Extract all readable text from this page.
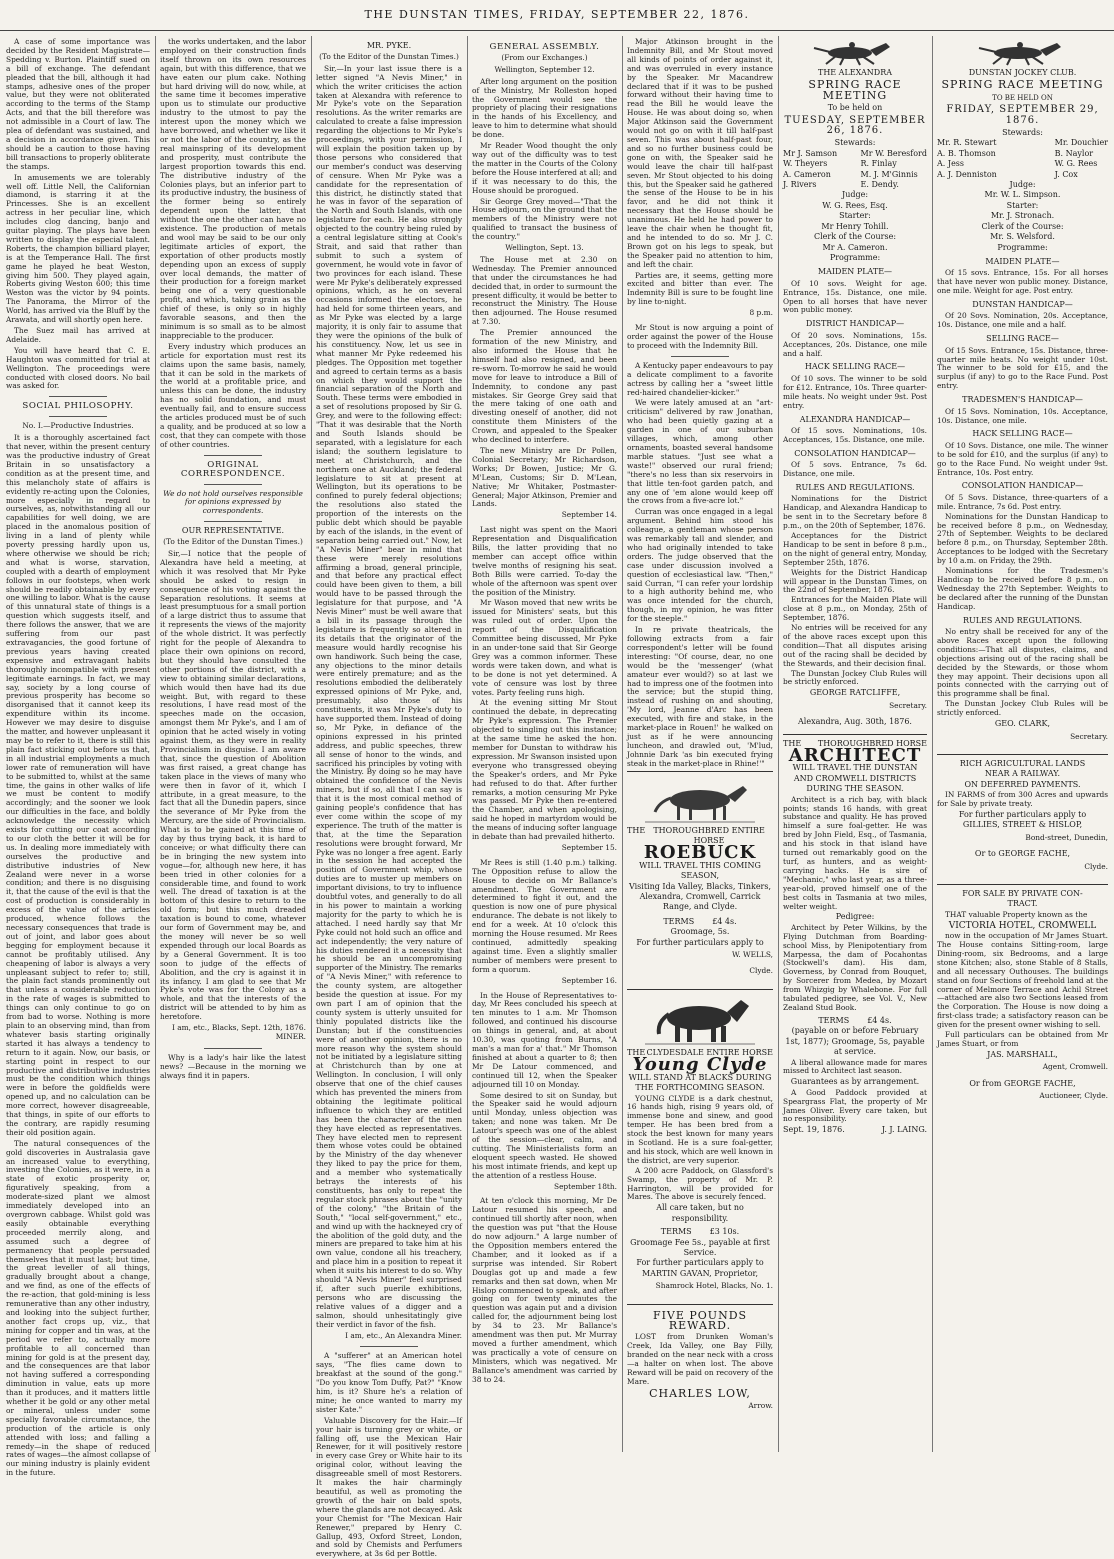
THE DUNSTAN TIMES, FRIDAY, SEPTEMBER 22, 1876.

A case of some importance was decided by the Resident Magistrate—Spedding v. Burton. Plaintiff sued on a bill of exchange. The defendant pleaded that the bill, although it had stamps, adhesive ones of the proper value, but they were not obliterated according to the terms of the Stamp Acts, and that the bill therefore was not admissible in a Court of law. The plea of defendant was sustained, and a decision in accordance given. This should be a caution to those having bill transactions to properly obliterate the stamps.

In amusements we are tolerably well off. Little Nell, the Californian diamond, is starring it at the Princesses. She is an excellent actress in her peculiar line, which includes clog dancing, banjo and guitar playing. The plays have been written to display the especial talent. Roberts, the champion billiard player, is at the Temperance Hall. The first game he played he beat Weston, giving him 500. They played again, Roberts giving Weston 600; this time Weston was the victor by 94 points. The Panorama, the Mirror of the World, has arrived via the Bluff by the Arawata, and will shortly open here.

The Suez mail has arrived at Adelaide.

You will have heard that C. E. Haughton was committed for trial at Wellington. The proceedings were conducted with closed doors. No bail was asked for.

SOCIAL PHILOSOPHY.
No. I.—Productive Industries.

It is a thoroughly ascertained fact that never, within the present century was the productive industry of Great Britain in so unsatisfactory a condition as at the present time, and this melancholy state of affairs is evidently re-acting upon the Colonies, more especially in regard to ourselves, as, notwithstanding all our capabilities for well doing, we are placed in the anomalous position of living in a land of plenty while poverty pressing hardly upon us, where otherwise we should be rich; and what is worse, starvation, coupled with a dearth of employment follows in our footsteps, when work should be readily obtainable by every one willing to labor. What is the cause of this unnatural state of things is a question which suggests itself, and there follows the answer, that we are suffering from our past extravagancies, the good fortune of previous years having created expensive and extravagant habits thoroughly incompatible with present legitimate earnings. In fact, we may say, society by a long course of previous prosperity has become so disorganised that it cannot keep its expenditure within its income. However we may desire to disguise the matter, and however unpleasant it may be to refer to it, there is still this plain fact sticking out before us that, in all industrial employments a much lower rate of remuneration will have to be submitted to, whilst at the same time, the gains in other walks of life we must be content to modify accordingly; and the sooner we look our difficulties in the face, and boldly acknowledge the necessity which exists for cutting our coat according to our cloth the better it will be for us. In dealing more immediately with ourselves the productive and distributive industries of New Zealand were never in a worse condition; and there is no disguising it, that the cause of the evil is that the cost of production is considerably in excess of the value of the articles produced, whence follows the necessary consequences that trade is out of joint, and labor goes about begging for employment because it cannot be profitably utilised. Any cheapening of labor is always a very unpleasant subject to refer to; still, the plain fact stands prominently out that unless a considerable reduction in the rate of wages is submitted to things can only continue to go on from bad to worse. Nothing is more plain to an observing mind, than from whatever basis starting originally started it has always a tendency to return to it again. Now, our basis, or starting point in respect to our productive and distributive industries must be the condition which things were in before the goldfields were opened up, and no calculation can be more correct, however disagreeable, that things, in spite of our efforts to the contrary, are rapidly resuming their old position again.

The natural consequences of the gold discoveries in Australasia gave an increased value to everything, investing the Colonies, as it were, in a state of exotic prosperity or, figuratively speaking, from a moderate-sized plant we almost immediately developed into an overgrown cabbage. Whilst gold was easily obtainable everything proceeded merrily along, and assumed such a degree of permanency that people persuaded themselves that it must last; but time, the great leveller of all things, gradually brought about a change, and we find, as one of the effects of the re-action, that gold-mining is less remunerative than any other industry, and looking into the subject further, another fact crops up, viz., that mining for copper and tin was, at the period we refer to, actually more profitable to all concerned than mining for gold is at the present day, and the consequences are that labor not having suffered a corresponding diminution in value, eats up more than it produces, and it matters little whether it be gold or any other metal or mineral, unless under some specially favorable circumstance, the production of the article is only attended with loss; and falling a remedy—in the shape of reduced rates of wages—the almost collapse of our mining industry is plainly evident in the future.

the works undertaken, and the labor employed on their construction finds itself thrown on its own resources again, but with this difference, that we have eaten our plum cake. Nothing but hard driving will do now, while, at the same time it becomes imperative upon us to stimulate our productive industry to the utmost to pay the interest upon the money which we have borrowed, and whether we like it or not the labor of the country, as the real mainspring of its development and prosperity, must contribute the largest proportion towards this end. The distributive industry of the Colonies plays, but an inferior part to its productive industry, the business of the former being so entirely dependent upon the latter, that without the one the other can have no existence. The production of metals and wool may be said to be our only legitimate articles of export, the exportation of other products mostly depending upon an excess of supply over local demands, the matter of their production for a foreign market being one of a very questionable profit, and which, taking grain as the chief of these, is only so in highly favorable seasons, and then the minimum is so small as to be almost inappreciable to the producer.

Every industry which produces an article for exportation must rest its claims upon the same basis, namely, that it can be sold in the markets of the world at a profitable price, and unless this can be done, the industry has no solid foundation, and must eventually fail, and to ensure success the articles produced must be of such a quality, and be produced at so low a cost, that they can compete with those of other countries.

ORIGINAL CORRESPONDENCE.
We do not hold ourselves responsible for opinions expressed by correspondents.
OUR REPRESENTATIVE.
(To the Editor of the Dunstan Times.)

Sir,—I notice that the people of Alexandra have held a meeting, at which it was resolved that Mr Pyke should be asked to resign in consequence of his voting against the Separation resolutions. It seems at least presumptuous for a small portion of a large district thus to assume that it represents the views of the majority of the whole district. It was perfectly right for the people of Alexandra to place their own opinions on record, but they should have consulted the other portions of the district, with a view to obtaining similar declarations, which would then have had its due weight. But, with regard to these resolutions, I have read most of the speeches made on the occasion, amongst them Mr Pyke's, and I am of opinion that he acted wisely in voting against them, as they were in reality Provincialism in disguise. I am aware that, since the question of Abolition was first raised, a great change has taken place in the views of many who were then in favor of it, which I attribute, in a great measure, to the fact that all the Dunedin papers, since the severance of Mr Pyke from the Mercury, are the side of Provincialism. What is to be gained at this time of day by thus trying back, it is hard to conceive; or what difficulty there can be in bringing the new system into vogue—for, although new here, it has been tried in other colonies for a considerable time, and found to work well. The dread of taxation is at the bottom of this desire to return to the old form; but this much dreaded taxation is bound to come, whatever our form of Government may be, and the money will never be so well expended through our local Boards as by a General Government. It is too soon to judge of the effects of Abolition, and the cry is against it in its infancy. I am glad to see that Mr Pyke's vote was for the Colony as a whole, and that the interests of the district will be attended to by him as heretofore.

I am, etc., Blacks, Sept. 12th, 1876. MINER.

Why is a lady's hair like the latest news? —Because in the morning we always find it in papers.

MR. PYKE.
(To the Editor of the Dunstan Times.)

Sir,—In your last issue there is a letter signed "A Nevis Miner," in which the writer criticises the action taken at Alexandra with reference to Mr Pyke's vote on the Separation resolutions. As the writer remarks are calculated to create a false impression regarding the objections to Mr Pyke's proceedings, with your permission, I will explain the position taken up by those persons who considered that our member's conduct was deserving of censure. When Mr Pyke was a candidate for the representation of this district, he distinctly stated that he was in favor of the separation of the North and South Islands, with one legislature for each. He also strongly objected to the country being ruled by a central legislature sitting at Cook's Strait, and said that rather than submit to such a system of government, he would vote in favor of two provinces for each island. These were Mr Pyke's deliberately expressed opinions, which, as he on several occasions informed the electors, he had held for some thirteen years, and as Mr Pyke was elected by a large majority, it is only fair to assume that they were the opinions of the bulk of his constituency. Now, let us see in what manner Mr Pyke redeemed his pledges. The Opposition met together and agreed to certain terms as a basis on which they would support the financial separation of the North and South. These terms were embodied in a set of resolutions proposed by Sir G. Grey, and were to the following effect: "That it was desirable that the North and South Islands should be separated, with a legislature for each island; the southern legislature to meet at Christchurch, and the northern one at Auckland; the federal legislature to sit at present at Wellington, but its operations to be confined to purely federal objections; the resolutions also stated the proportion of the interests on the public debt which should be payable by each of the islands, in the event of separation being carried out." Now, let "A Nevis Miner" bear in mind that these were merely resolutions affirming a broad, general principle, and that before any practical effect could have been given to them, a bill would have to be passed through the legislature for that purpose, and "A Nevis Miner" must be well aware that a bill in its passage through the legislature is frequently so altered in its details that the originator of the measure would hardly recognise his own handiwork. Such being the case, any objections to the minor details were entirely premature; and as the resolutions embodied the deliberately expressed opinions of Mr Pyke, and, presumably, also those of his constituents, it was Mr Pyke's duty to have supported them. Instead of doing so, Mr Pyke, in defiance of the opinions expressed in his printed address, and public speeches, threw all sense of honor to the winds, and sacrificed his principles by voting with the Ministry. By doing so he may have obtained the confidence of the Nevis miners, but if so, all that I can say is that it is the most comical method of gaining people's confidence that has ever come within the scope of my experience. The truth of the matter is that, at the time the Separation resolutions were brought forward, Mr Pyke was no longer a free agent. Early in the session he had accepted the position of Government whip, whose duties are to muster up members on important divisions, to try to influence doubtful votes, and generally to do all in his power to maintain a working majority for the party to which he is attached. I need hardly say that Mr Pyke could not hold such an office and act independently; the very nature of his duties rendered it a necessity that he should be an uncompromising supporter of the Ministry. The remarks of "A Nevis Miner," with reference to the county system, are altogether beside the question at issue. For my own part I am of opinion that the county system is utterly unsuited for thinly populated districts like the Dunstan; but if the constituencies were of another opinion, there is no more reason why the system should not be initiated by a legislature sitting at Christchurch than by one at Wellington. In conclusion, I will only observe that one of the chief causes which has prevented the miners from obtaining the legitimate political influence to which they are entitled has been the character of the men they have elected as representatives. They have elected men to represent them whose votes could be obtained by the Ministry of the day whenever they liked to pay the price for them, and a member who systematically betrays the interests of his constituents, has only to repeat the regular stock phrases about the "unity of the colony," "the Britain of the South," "local self-government," etc., and wind up with the hackneyed cry of the abolition of the gold duty, and the miners are prepared to take him at his own value, condone all his treachery, and place him in a position to repeat it when it suits his interest to do so. Why should "A Nevis Miner" feel surprised if, after such puerile exhibitions, persons who are discussing the relative values of a digger and a salmon, should unhesitatingly give their verdict in favor of the fish.

I am, etc., An Alexandra Miner.

A "sufferer" at an American hotel says, "The flies came down to breakfast at the sound of the gong." "Do you know Tom Duffy, Pat?" "Know him, is it? Shure he's a relation of mine; he once wanted to marry my sister Kate."

Valuable Discovery for the Hair.—If your hair is turning grey or white, or falling off, use the Mexican Hair Renewer, for it will positively restore in every case Grey or White hair to its original color, without leaving the disagreeable smell of most Restorers. It makes the hair charmingly beautiful, as well as promoting the growth of the hair on bald spots, where the glands are not decayed. Ask your Chemist for "The Mexican Hair Renewer," prepared by Henry C. Gallup, 493, Oxford Street, London, and sold by Chemists and Perfumers everywhere, at 3s 6d per Bottle.

GENERAL ASSEMBLY.
(From our Exchanges.)
Wellington, September 12.

After long argument on the position of the Ministry, Mr Rolleston hoped the Government would see the propriety of placing their resignations in the hands of his Excellency, and leave to him to determine what should be done.

Mr Reader Wood thought the only way out of the difficulty was to test the matter in the Courts of the Colony before the House interfered at all; and if it was necessary to do this, the House should be prorogued.

Sir George Grey moved—"That the House adjourn, on the ground that the members of the Ministry were not qualified to transact the business of the country."

Wellington, Sept. 13.

The House met at 2.30 on Wednesday. The Premier announced that under the circumstances he had decided that, in order to surmount the present difficulty, it would be better to reconstruct the Ministry. The House then adjourned. The House resumed at 7.30.

The Premier announced the formation of the new Ministry, and also informed the House that he himself had also resigned, and been re-sworn. To-morrow he said he would move for leave to introduce a Bill of Indemnity, to condone any past mistakes. Sir George Grey said that the mere taking of one oath and divesting oneself of another, did not constitute them Ministers of the Crown, and appealed to the Speaker who declined to interfere.

The new Ministry are Dr Pollen, Colonial Secretary; Mr Richardson, Works; Dr Bowen, Justice; Mr G. M'Lean, Customs; Sir D. M'Lean, Native; Mr Whitaker, Postmaster-General; Major Atkinson, Premier and Lands.

September 14.

Last night was spent on the Maori Representation and Disqualification Bills, the latter providing that no member can accept office within twelve months of resigning his seat. Both Bills were carried. To-day the whole of the afternoon was spent over the position of the Ministry.

Mr Wason moved that new writs be issued for Ministers' seats, but this was ruled out of order. Upon the report of the Disqualification Committee being discussed, Mr Pyke in an under-tone said that Sir George Grey was a common informer. These words were taken down, and what is to be done is not yet determined. A vote of censure was lost by three votes. Party feeling runs high.

At the evening sitting Mr Stout continued the debate, in deprecating Mr Pyke's expression. The Premier objected to singling out this instance; at the same time he asked the hon. member for Dunstan to withdraw his expression. Mr Swanson insisted upon everyone who transgressed obeying the Speaker's orders, and Mr Pyke had refused to do that. After further remarks, a motion censuring Mr Pyke was passed. Mr Pyke then re-entered the Chamber, and when apologising, said he hoped in martyrdom would be the means of inducing softer language in debate than had prevailed hitherto.

September 15.

Mr Rees is still (1.40 p.m.) talking. The Opposition refuse to allow the House to decide on Mr Ballance's amendment. The Government are determined to fight it out, and the question is now one of pure physical endurance. The debate is not likely to end for a week. At 10 o'clock this morning the House resumed. Mr Rees continued, admittedly speaking against time. Even a slightly smaller number of members were present to form a quorum.

September 16.

In the House of Representatives to-day, Mr Rees concluded his speech at ten minutes to 1 a.m. Mr Thomson followed, and continued his discourse on things in general, and, at about 10.30, was quoting from Burns, "A man's a man for a' that." Mr Thomson finished at about a quarter to 8; then Mr De Latour commenced, and continued till 12, when the Speaker adjourned till 10 on Monday.

Some desired to sit on Sunday, but the Speaker said he would adjourn until Monday, unless objection was taken; and none was taken. Mr De Latour's speech was one of the ablest of the session—clear, calm, and cutting. The Ministerialists form an eloquent speech wasted. He showed his most intimate friends, and kept up the attention of a restless House.

September 18th.

At ten o'clock this morning, Mr De Latour resumed his speech, and continued till shortly after noon, when the question was put "that the House do now adjourn." A large number of the Opposition members entered the Chamber, and it looked as if a surprise was intended. Sir Robert Douglas got up and made a few remarks and then sat down, when Mr Hislop commenced to speak, and after going on for twenty minutes the question was again put and a division called for, the adjournment being lost by 34 to 23. Mr Ballance's amendment was then put. Mr Murray moved a further amendment, which was practically a vote of censure on Ministers, which was negatived. Mr Ballance's amendment was carried by 38 to 24.

Major Atkinson brought in the Indemnity Bill, and Mr Stout moved all kinds of points of order against it, and was overruled in every instance by the Speaker. Mr Macandrew declared that if it was to be pushed forward without their having time to read the Bill he would leave the House. He was about doing so, when Major Atkinson said the Government would not go on with it till half-past seven. This was about half-past four, and so no further business could be gone on with, the Speaker said he would leave the chair till half-past seven. Mr Stout objected to his doing this, but the Speaker said he gathered the sense of the House to be in his favor, and he did not think it necessary that the House should be unanimous. He held he had power to leave the chair when he thought fit, and he intended to do so. Mr J. C. Brown got on his legs to speak, but the Speaker paid no attention to him, and left the chair.

Parties are, it seems, getting more excited and bitter than ever. The Indemnity Bill is sure to be fought line by line to-night.

8 p.m.

Mr Stout is now arguing a point of order against the power of the House to proceed with the Indemnity Bill.

A Kentucky paper endeavours to pay a delicate compliment to a favorite actress by calling her a "sweet little red-haired chandelier-kicker."

We were lately amused at an "art-criticism" delivered by raw Jonathan, who had been quietly gazing at a garden in one of our suburban villages, which, among other ornaments, boasted several handsome marble statues. "Just see what a waste!" observed our rural friend; "there's no less than six reservoirs in that little ten-foot garden patch, and any one of 'em alone would keep off the crows from a five-acre lot."

Curran was once engaged in a legal argument. Behind him stood his colleague, a gentleman whose person was remarkably tall and slender, and who had originally intended to take orders. The judge observed that the case under discussion involved a question of ecclesiastical law. "Then," said Curran, "I can refer your lordship to a high authority behind me, who was once intended for the church, though, in my opinion, he was fitter for the steeple."

In re private theatricals, the following extracts from a fair correspondent's letter will be found interesting: "Of course, dear, no one would be the 'messenger' (what amateur ever would?) so at last we had to impress one of the footmen into the service; but the stupid thing, instead of rushing on and shouting, 'My lord, Jeanne d'Arc has been executed, with fire and stake, in the market-place in Rouen!' he walked on just as if he were announcing luncheon, and drawled out, 'M'lud, Johnnie Dark 'as bin executed frying steak in the market-place in Rhine!'"

THE	THOROUGHBRED ENTIRE HORSE
ROEBUCK
WILL TRAVEL THIS COMING SEASON,
Visiting Ida Valley, Blacks, Tinkers, Alexandra, Cromwell, Carrick Range, and Clyde.
TERMS £4 4s.
Groomage, 5s.
For further particulars apply to
W. WELLS,
Clyde.
THE CLYDESDALE ENTIRE HORSE
Young Clyde
WILL STAND AT BLACKS DURING THE FORTHCOMING SEASON.

YOUNG CLYDE is a dark chestnut, 16 hands high, rising 9 years old, of immense bone and sinew, and good temper. He has been bred from a stock the best known for many years in Scotland. He is a sure foal-getter, and his stock, which are well known in the district, are very superior.

A 200 acre Paddock, on Glassford's Swamp, the property of Mr. P. Harrington, will be provided for Mares. The above is securely fenced.

All care taken, but no responsibility.
TERMS £3 10s.
Groomage Fee 5s., payable at first Service.
For further particulars apply to
MARTIN GAVAN, Proprietor,
Shamrock Hotel, Blacks, No. 1.
FIVE POUNDS REWARD.

LOST from Drunken Woman's Creek, Ida Valley, one Bay Filly, branded on the near neck with a cross—a halter on when lost. The above Reward will be paid on recovery of the Mare.

CHARLES LOW,
Arrow.
THE ALEXANDRA
SPRING RACE MEETING
To be held on
TUESDAY, SEPTEMBER 26, 1876.
Stewards:
Mr J. Samson
W. Theyers
A. Cameron
J. Rivers
Mr W. Beresford
R. Finlay
M. J. M'Ginnis
E. Dendy.
Judge:
W. G. Rees, Esq.
Starter:
Mr Henry Tohill.
Clerk of the Course:
Mr A. Cameron.
Programme:
MAIDEN PLATE—

Of 10 sovs. Weight for age. Entrance, 15s. Distance, one mile. Open to all horses that have never won public money.

DISTRICT HANDICAP—

Of 20 sovs. Nominations, 15s. Acceptances, 20s. Distance, one mile and a half.

HACK SELLING RACE—

Of 10 sovs. The winner to be sold for £12. Entrance, 10s. Three quarter-mile heats. No weight under 9st. Post entry.

ALEXANDRA HANDICAP—

Of 15 sovs. Nominations, 10s. Acceptances, 15s. Distance, one mile.

CONSOLATION HANDICAP—

Of 5 sovs. Entrance, 7s 6d. Distance, one mile.

RULES AND REGULATIONS.

Nominations for the District Handicap, and Alexandra Handicap to be sent in to the Secretary before 8 p.m., on the 20th of September, 1876.

Acceptances for the District Handicap to be sent in before 8 p.m., on the night of general entry, Monday, September 25th, 1876.

Weights for the District Handicap will appear in the Dunstan Times, on the 22nd of September, 1876.

Entrances for the Maiden Plate will close at 8 p.m., on Monday, 25th of September, 1876.

No entries will be received for any of the above races except upon this condition—That all disputes arising out of the racing shall be decided by the Stewards, and their decision final.

The Dunstan Jockey Club Rules will be strictly enforced.

GEORGE RATCLIFFE,
Secretary.
Alexandra, Aug. 30th, 1876.
THE THOROUGHBRED HORSE
ARCHITECT
WILL TRAVEL THE DUNSTAN
AND CROMWELL DISTRICTS
DURING THE SEASON.

Architect is a rich bay, with black points; stands 16 hands, with great substance and quality. He has proved himself a sure foal-getter. He was bred by John Field, Esq., of Tasmania, and his stock in that island have turned out remarkably good on the turf, as hunters, and as weight-carrying hacks. He is sire of "Mechanic," who last year, as a three-year-old, proved himself one of the best colts in Tasmania at two miles, welter weight.

Pedigree:

Architect by Peter Wilkins, by the Flying Dutchman from Boarding-school Miss, by Plenipotentiary from Marpessa, the dam of Pocahontas (Stockwell's dam). His dam, Governess, by Conrad from Bouquet, by Sorcerer from Medea, by Mozart from Whizgig by Whalebone. For full tabulated pedigree, see Vol. V., New Zealand Stud Book.

TERMS £4 4s.
(payable on or before February 1st, 1877); Groomage, 5s, payable at service.

A liberal allowance made for mares missed to Architect last season.

Guarantees as by arrangement.

A Good Paddock provided at Speargrass Flat, the property of Mr James Oliver. Every care taken, but no responsibility.

Sept. 19, 1876.	J. J. LAING.
DUNSTAN JOCKEY CLUB.
SPRING RACE MEETING
TO BE HELD ON
FRIDAY, SEPTEMBER 29, 1876.
Stewards:
Mr. R. Stewart
A. B. Thomson
A. Jess
A. J. Denniston
Mr. Douchier
B. Naylor
W. G. Rees
J. Cox
Judge:
Mr. W. L. Simpson.
Starter:
Mr. J. Stronach.
Clerk of the Course:
Mr. S. Welsford.
Programme:
MAIDEN PLATE—

Of 15 sovs. Entrance, 15s. For all horses that have never won public money. Distance, one mile. Weight for age. Post entry.

DUNSTAN HANDICAP—

Of 20 Sovs. Nomination, 20s. Acceptance, 10s. Distance, one mile and a half.

SELLING RACE—

Of 15 Sovs. Entrance, 15s. Distance, three-quarter mile heats. No weight under 10st. The winner to be sold for £15, and the surplus (if any) to go to the Race Fund. Post entry.

TRADESMEN'S HANDICAP—

Of 15 Sovs. Nomination, 10s. Acceptance, 10s. Distance, one mile.

HACK SELLING RACE—

Of 10 Sovs. Distance, one mile. The winner to be sold for £10, and the surplus (if any) to go to the Race Fund. No weight under 9st. Entrance, 10s. Post entry.

CONSOLATION HANDICAP—

Of 5 Sovs. Distance, three-quarters of a mile. Entrance, 7s 6d. Post entry.

Nominations for the Dunstan Handicap to be received before 8 p.m., on Wednesday, 27th of September. Weights to be declared before 8 p.m., on Thursday, September 28th. Acceptances to be lodged with the Secretary by 10 a.m. on Friday, the 29th.

Nominations for the Tradesmen's Handicap to be received before 8 p.m., on Wednesday the 27th September. Weights to be declared after the running of the Dunstan Handicap.

RULES AND REGULATIONS.

No entry shall be received for any of the above Races except upon the following conditions:—That all disputes, claims, and objections arising out of the racing shall be decided by the Stewards, or those whom they may appoint. Their decisions upon all points connected with the carrying out of this programme shall be final.

The Dunstan Jockey Club Rules will be strictly enforced.

GEO. CLARK,
Secretary.
RICH AGRICULTURAL LANDS
NEAR A RAILWAY.
ON DEFERRED PAYMENTS.

IN FARMS of from 300 Acres and upwards for Sale by private treaty.

For further particulars apply to
GILLIES, STREET & HISLOP,
Bond-street, Dunedin,
Or to GEORGE FACHE,
Clyde.
FOR SALE BY PRIVATE CON-
TRACT.

THAT valuable Property known as the

VICTORIA HOTEL, CROMWELL

now in the occupation of Mr James Stuart. The House contains Sitting-room, large Dining-room, six Bedrooms, and a large stone Kitchen; also, stone Stable of 8 Stalls, and all necessary Outhouses. The buildings stand on four Sections of freehold land at the corner of Melmore Terrace and Achil Street—attached are also two Sections leased from the Corporation. The House is now doing a first-class trade; a satisfactory reason can be given for the present owner wishing to sell.

Full particulars can be obtained from Mr James Stuart, or from

JAS. MARSHALL,
Agent, Cromwell.
Or from GEORGE FACHE,
Auctioneer, Clyde.
